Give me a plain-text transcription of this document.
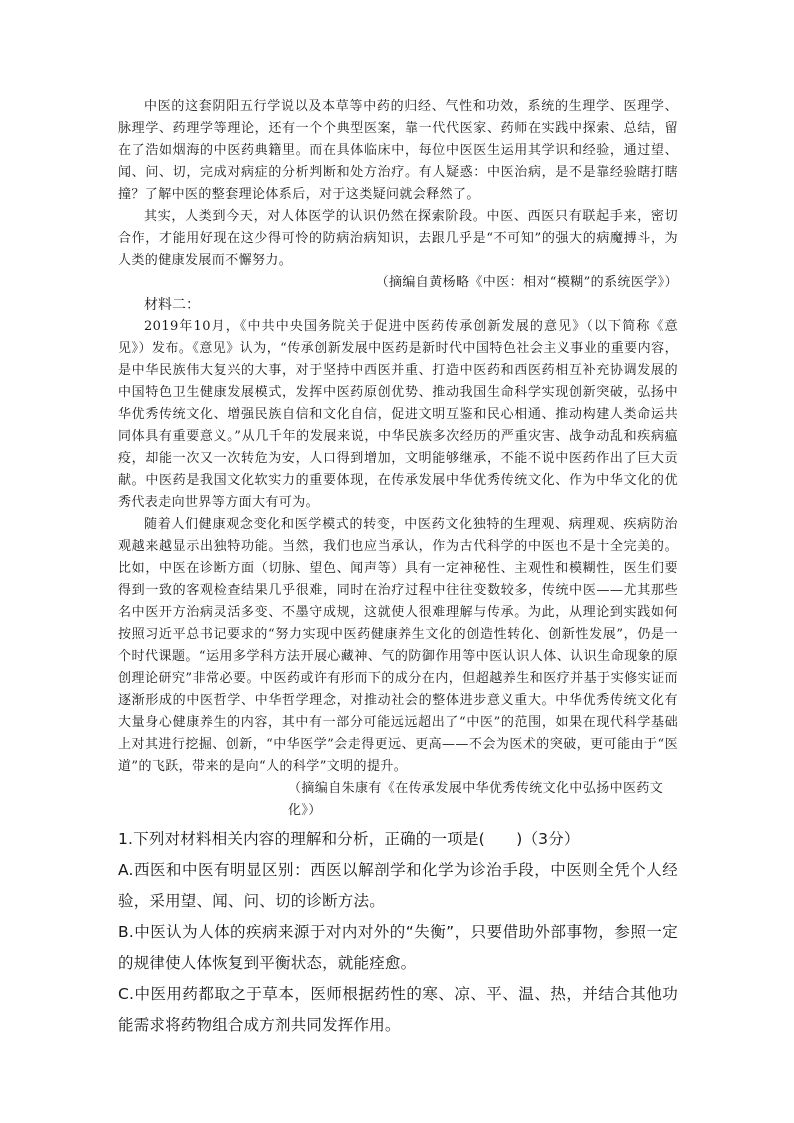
中医的这套阴阳五行学说以及本草等中药的归经、气性和功效，系统的生理学、医理学、脉理学、药理学等理论，还有一个个典型医案，靠一代代医家、药师在实践中探索、总结，留在了浩如烟海的中医药典籍里。而在具体临床中，每位中医医生运用其学识和经验，通过望、闻、问、切，完成对病症的分析判断和处方治疗。有人疑惑：中医治病，是不是靠经验瞎打瞎撞？了解中医的整套理论体系后，对于这类疑问就会释然了。

其实，人类到今天，对人体医学的认识仍然在探索阶段。中医、西医只有联起手来，密切合作，才能用好现在这少得可怜的防病治病知识，去跟几乎是“不可知”的强大的病魔搏斗，为人类的健康发展而不懈努力。

（摘编自黄杨略《中医：相对“模糊”的系统医学》）

材料二：

2019年10月，《中共中央国务院关于促进中医药传承创新发展的意见》（以下简称《意见》）发布。《意见》认为，“传承创新发展中医药是新时代中国特色社会主义事业的重要内容，是中华民族伟大复兴的大事，对于坚持中西医并重、打造中医药和西医药相互补充协调发展的中国特色卫生健康发展模式，发挥中医药原创优势、推动我国生命科学实现创新突破，弘扬中华优秀传统文化、增强民族自信和文化自信，促进文明互鉴和民心相通、推动构建人类命运共同体具有重要意义。”从几千年的发展来说，中华民族多次经历的严重灾害、战争动乱和疾病瘟疫，却能一次又一次转危为安，人口得到增加，文明能够继承，不能不说中医药作出了巨大贡献。中医药是我国文化软实力的重要体现，在传承发展中华优秀传统文化、作为中华文化的优秀代表走向世界等方面大有可为。

随着人们健康观念变化和医学模式的转变，中医药文化独特的生理观、病理观、疾病防治观越来越显示出独特功能。当然，我们也应当承认，作为古代科学的中医也不是十全完美的。比如，中医在诊断方面（切脉、望色、闻声等）具有一定神秘性、主观性和模糊性，医生们要得到一致的客观检查结果几乎很难，同时在治疗过程中往往变数较多，传统中医——尤其那些名中医开方治病灵活多变、不墨守成规，这就使人很难理解与传承。为此，从理论到实践如何按照习近平总书记要求的“努力实现中医药健康养生文化的创造性转化、创新性发展”，仍是一个时代课题。“运用多学科方法开展心藏神、气的防御作用等中医认识人体、认识生命现象的原创理论研究”非常必要。中医药或许有形而下的成分在内，但超越养生和医疗并基于实修实证而逐渐形成的中医哲学、中华哲学理念，对推动社会的整体进步意义重大。中华优秀传统文化有大量身心健康养生的内容，其中有一部分可能远远超出了“中医”的范围，如果在现代科学基础上对其进行挖掘、创新，“中华医学”会走得更远、更高——不会为医术的突破，更可能由于“医道”的飞跃，带来的是向“人的科学”文明的提升。

（摘编自朱康有《在传承发展中华优秀传统文化中弘扬中医药文化》）

1.下列对材料相关内容的理解和分析，正确的一项是(　　)（3分）

A.西医和中医有明显区别：西医以解剖学和化学为诊治手段，中医则全凭个人经验，采用望、闻、问、切的诊断方法。

B.中医认为人体的疾病来源于对内对外的“失衡”，只要借助外部事物，参照一定的规律使人体恢复到平衡状态，就能痊愈。

C.中医用药都取之于草本，医师根据药性的寒、凉、平、温、热，并结合其他功能需求将药物组合成方剂共同发挥作用。
